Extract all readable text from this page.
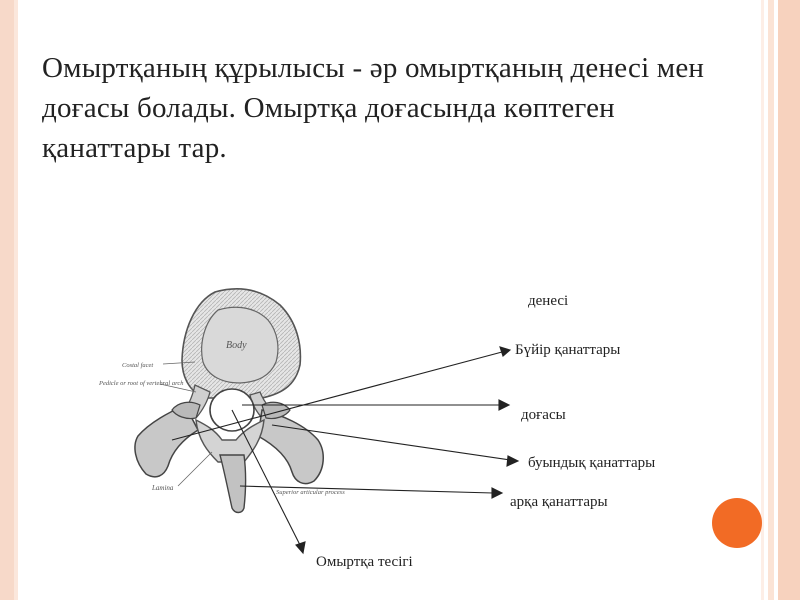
Омыртқаның құрылысы - әр омыртқаның денесі мен доғасы болады. Омыртқа доғасында көптеген қанаттары тар.
Body
Costal facet
Pedicle or root of vertebral arch
Lamina
Superior articular process
денесі
Бүйір қанаттары
доғасы
буындық қанаттары
арқа қанаттары
Омыртқа тесігі
